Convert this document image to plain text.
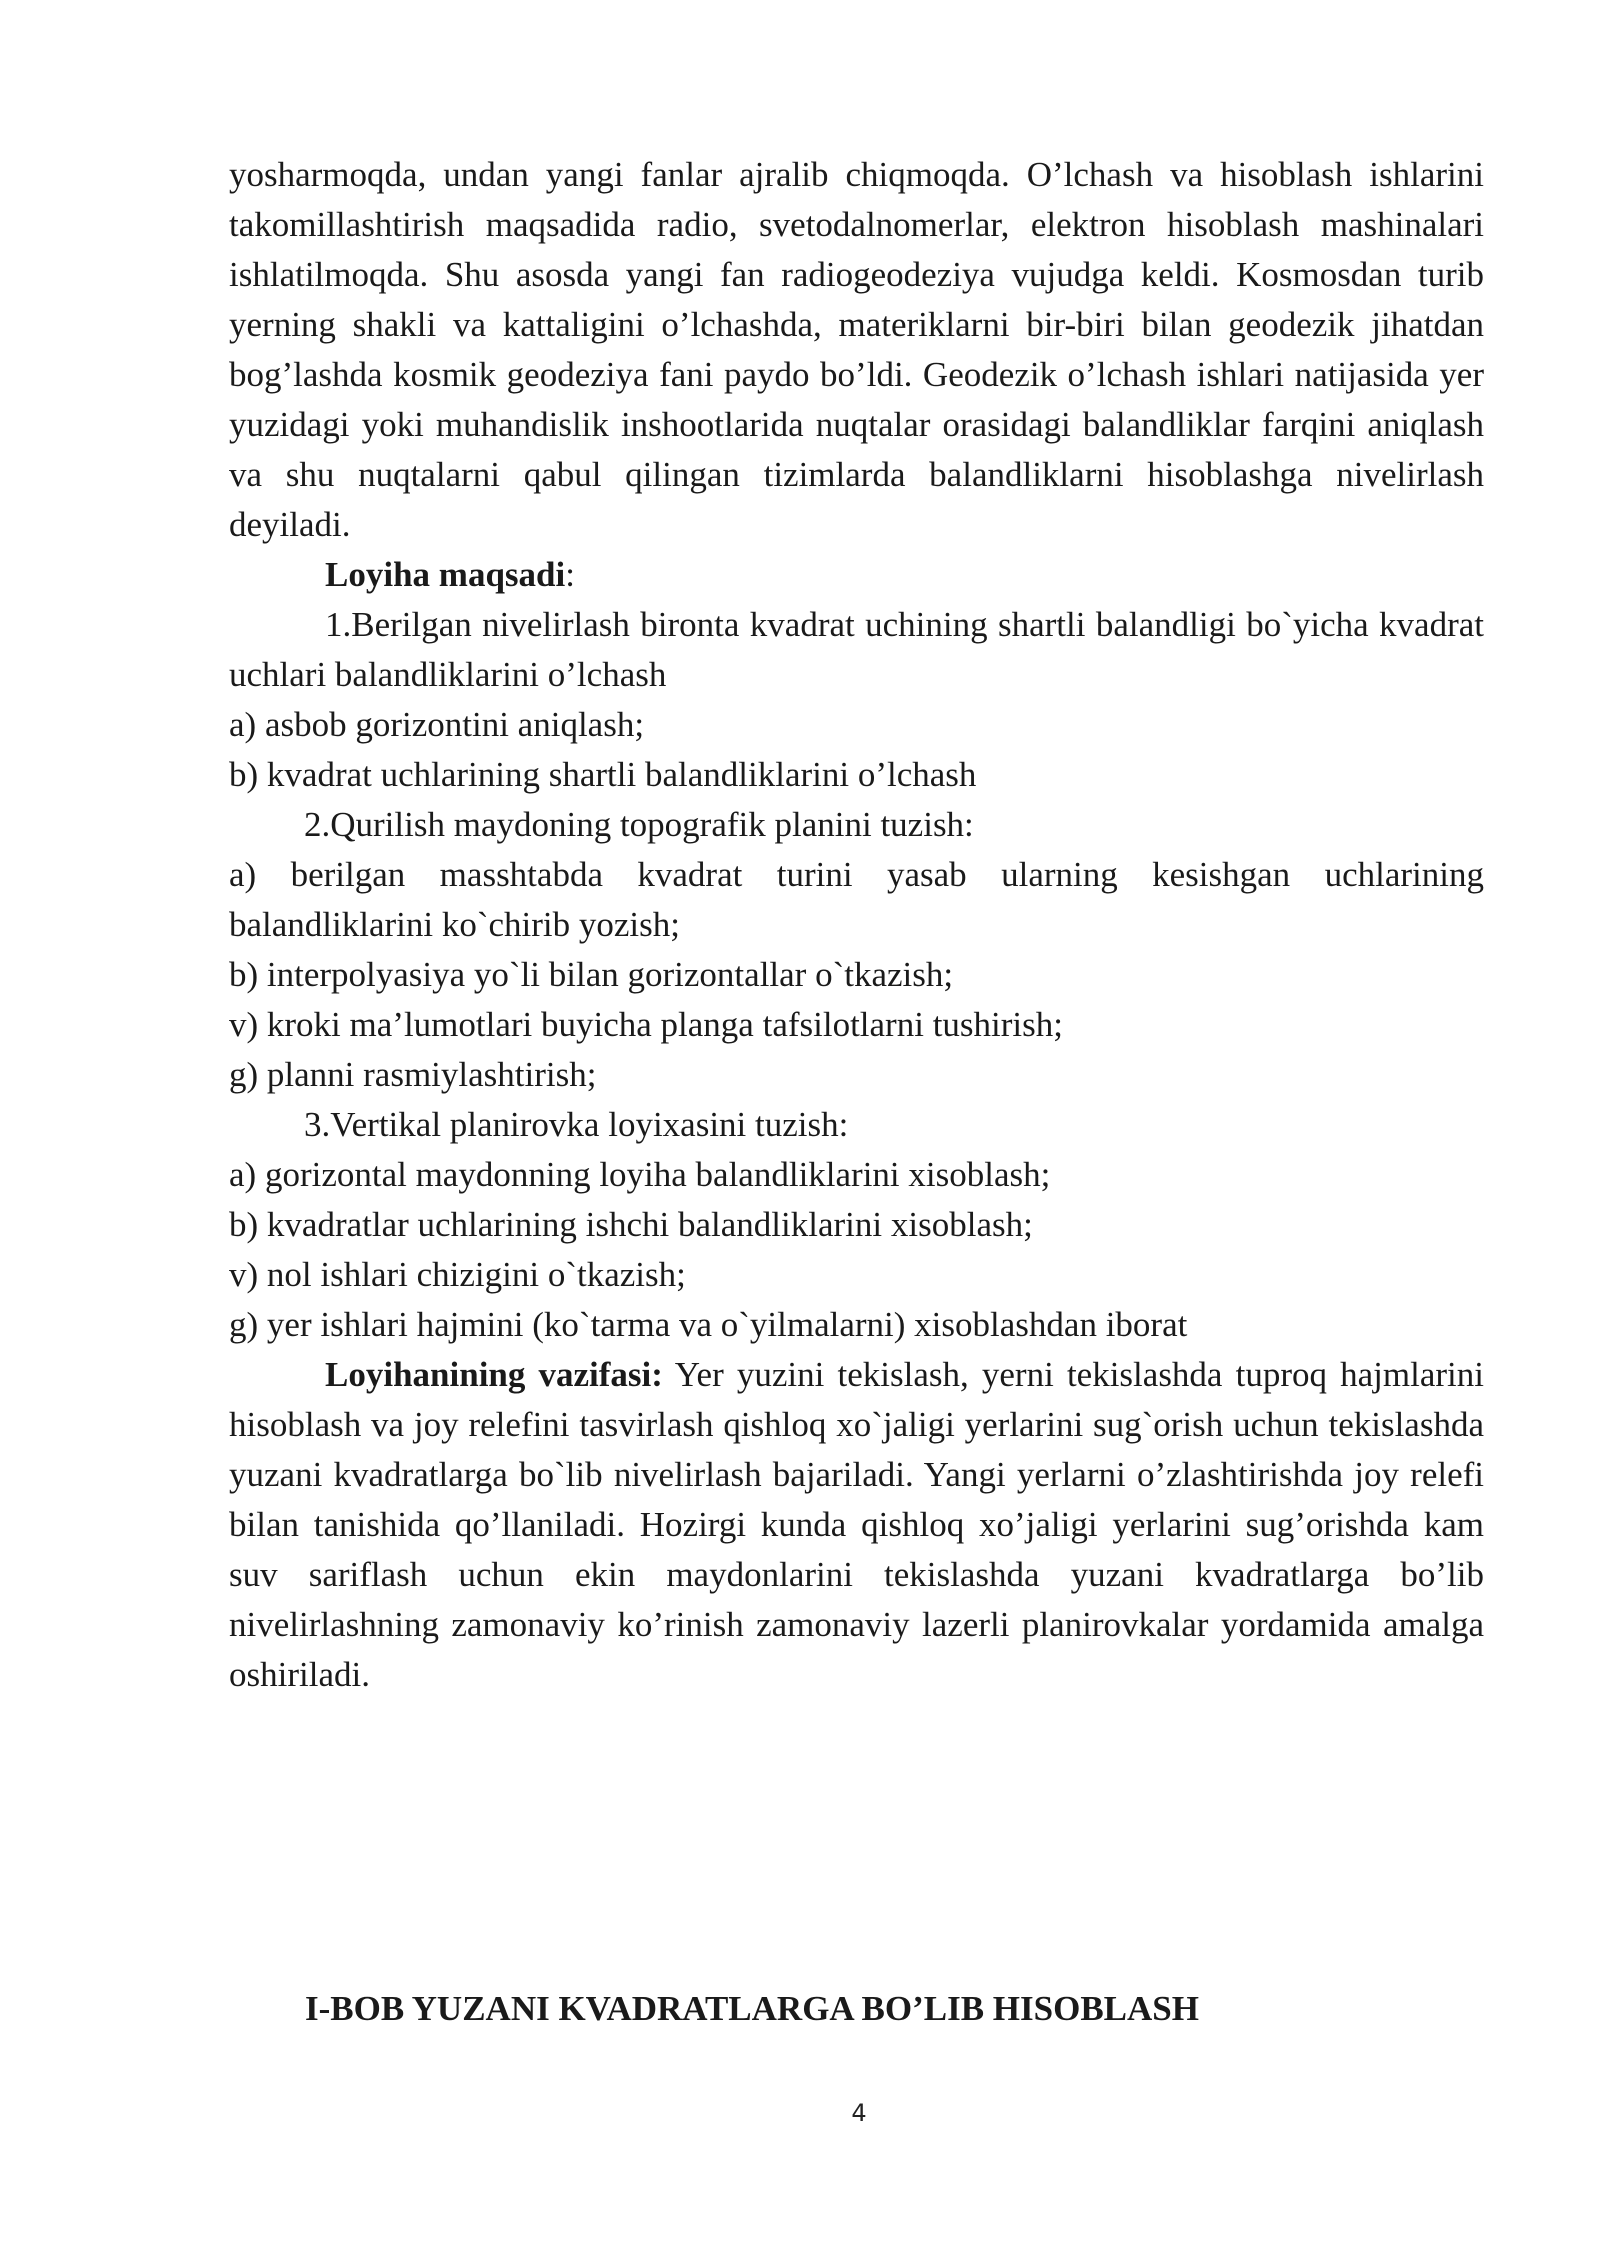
yosharmoqda, undan yangi fanlar ajralib chiqmoqda. O’lchash va hisoblash ishlarini takomillashtirish maqsadida radio, svetodalnomerlar, elektron hisoblash mashinalari ishlatilmoqda. Shu asosda yangi fan radiogeodeziya vujudga keldi. Kosmosdan turib yerning shakli va kattaligini o’lchashda, materiklarni bir-biri bilan geodezik jihatdan bog’lashda kosmik geodeziya fani paydo bo’ldi. Geodezik o’lchash ishlari natijasida yer yuzidagi yoki muhandislik inshootlarida nuqtalar orasidagi balandliklar farqini aniqlash va shu nuqtalarni qabul qilingan tizimlarda balandliklarni hisoblashga nivelirlash deyiladi.

Loyiha maqsadi:

1.Berilgan nivelirlash bironta kvadrat uchining shartli balandligi bo`yicha kvadrat uchlari balandliklarini o’lchash

a) asbob gorizontini aniqlash;

b) kvadrat uchlarining shartli balandliklarini o’lchash

2.Qurilish maydoning topografik planini tuzish:

a) berilgan masshtabda kvadrat turini yasab ularning kesishgan uchlarining balandliklarini ko`chirib yozish;

b) interpolyasiya yo`li bilan gorizontallar o`tkazish;

v) kroki ma’lumotlari buyicha planga tafsilotlarni tushirish;

g) planni rasmiylashtirish;

3.Vertikal planirovka loyixasini tuzish:

a) gorizontal maydonning loyiha balandliklarini xisoblash;

b) kvadratlar uchlarining ishchi balandliklarini xisoblash;

v) nol ishlari chizigini o`tkazish;

g) yer ishlari hajmini (ko`tarma va o`yilmalarni) xisoblashdan iborat

Loyihanining vazifasi: Yer yuzini tekislash, yerni tekislashda tuproq hajmlarini hisoblash va joy relefini tasvirlash qishloq xo`jaligi yerlarini sug`orish uchun tekislashda yuzani kvadratlarga bo`lib nivelirlash bajariladi. Yangi yerlarni o’zlashtirishda joy relefi bilan tanishida qo’llaniladi. Hozirgi kunda qishloq xo’jaligi yerlarini sug’orishda kam suv sariflash uchun ekin maydonlarini tekislashda yuzani kvadratlarga bo’lib nivelirlashning zamonaviy ko’rinish zamonaviy lazerli planirovkalar yordamida amalga oshiriladi.

I-BOB YUZANI KVADRATLARGA BO’LIB HISOBLASH

4
